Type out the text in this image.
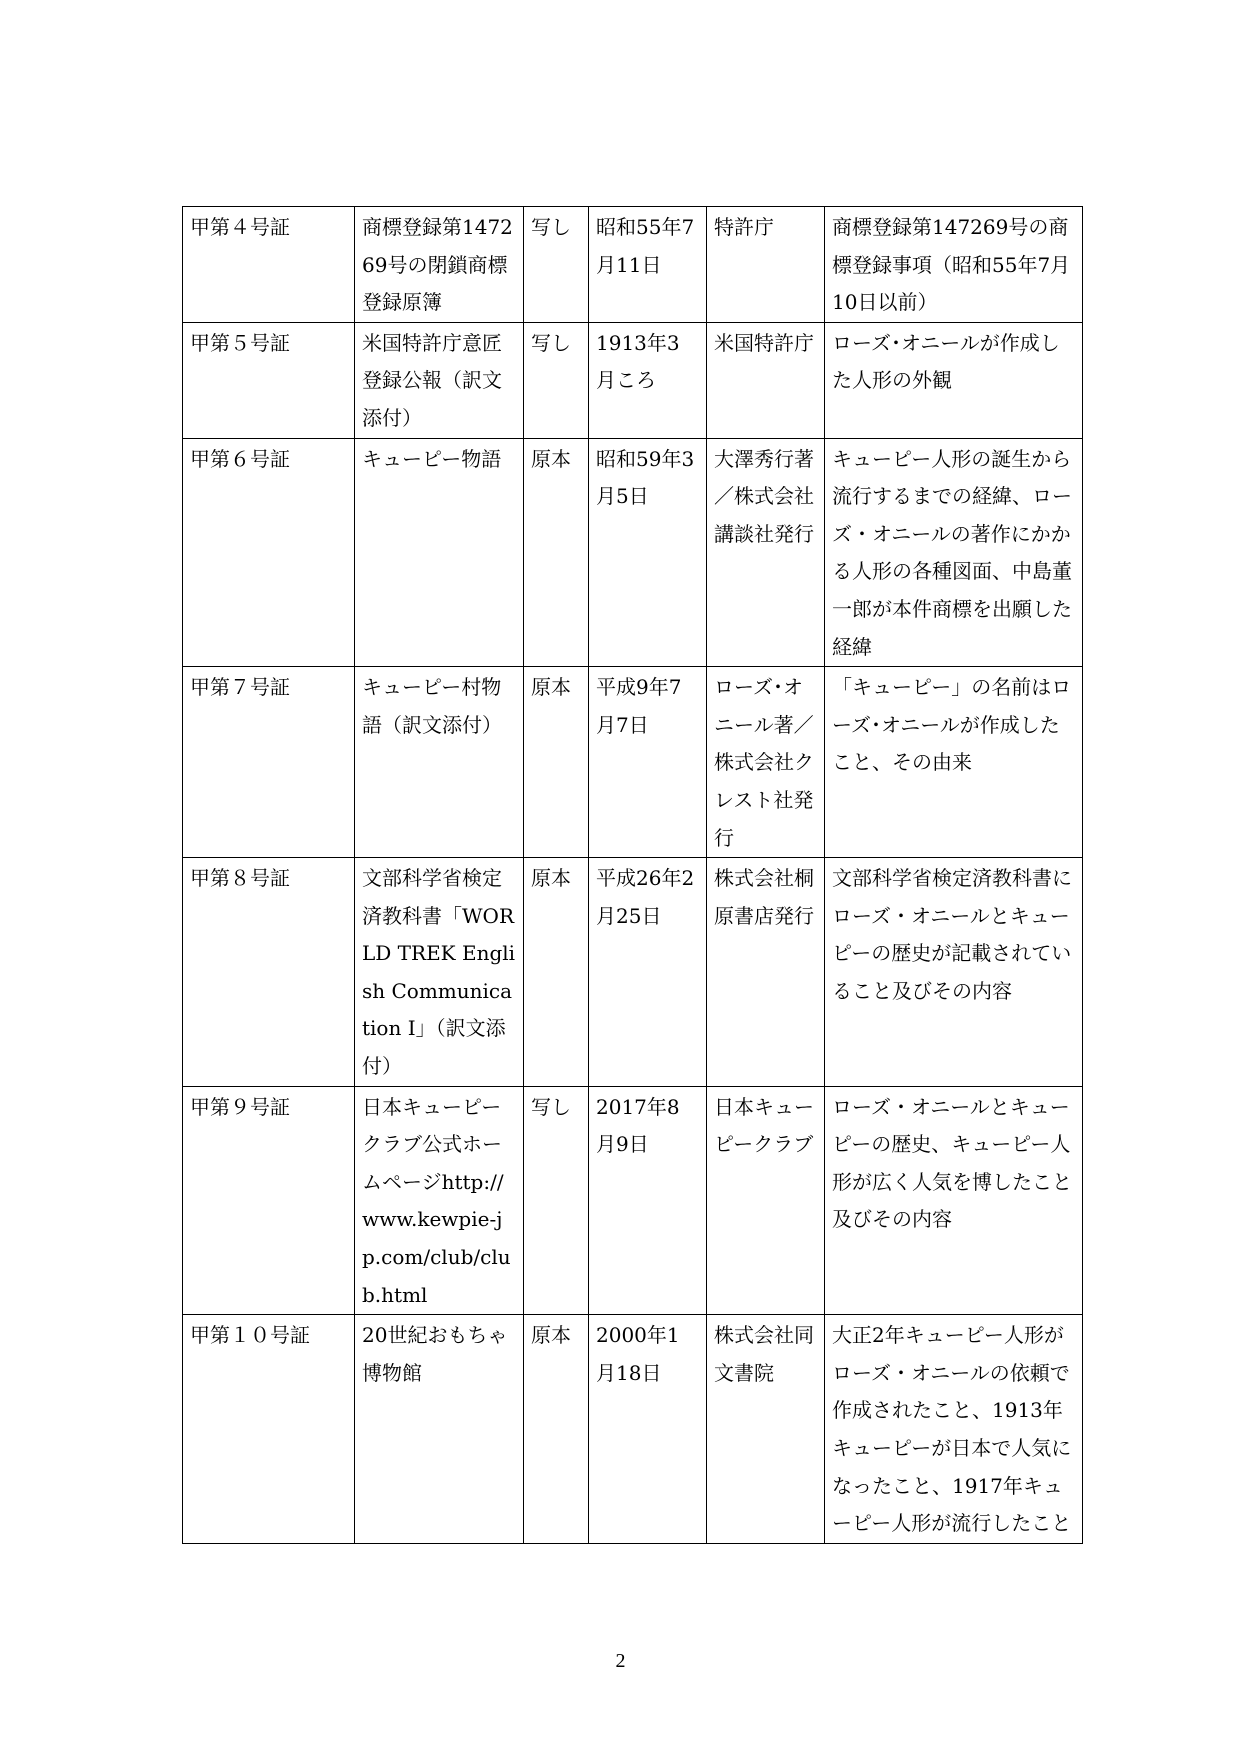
甲第４号証	商標登録第147269号の閉鎖商標登録原簿	写し	昭和55年7月11日	特許庁	商標登録第147269号の商標登録事項（昭和55年7月10日以前）
甲第５号証	米国特許庁意匠登録公報（訳文添付）	写し	1913年3月ころ	米国特許庁	ローズ･オニールが作成した人形の外観
甲第６号証	キューピー物語	原本	昭和59年3月5日	大澤秀行著／株式会社講談社発行	キューピー人形の誕生から流行するまでの経緯、ローズ・オニールの著作にかかる人形の各種図面、中島董一郎が本件商標を出願した経緯
甲第７号証	キューピー村物語（訳文添付）	原本	平成9年7月7日	ローズ･オニール著／株式会社クレスト社発行	「キューピー」の名前はローズ･オニールが作成したこと、その由来
甲第８号証	文部科学省検定済教科書「WORLD TREK English Communication I」（訳文添付）	原本	平成26年2月25日	株式会社桐原書店発行	文部科学省検定済教科書にローズ・オニールとキューピーの歴史が記載されていること及びその内容
甲第９号証	日本キューピークラブ公式ホームページhttp://www.kewpie-jp.com/club/club.html	写し	2017年8月9日	日本キューピークラブ	ローズ・オニールとキューピーの歴史、キューピー人形が広く人気を博したこと及びその内容
甲第１０号証	20世紀おもちゃ博物館	原本	2000年1月18日	株式会社同文書院	大正2年キューピー人形がローズ・オニールの依頼で作成されたこと、1913年キューピーが日本で人気になったこと、1917年キューピー人形が流行したこと
2
